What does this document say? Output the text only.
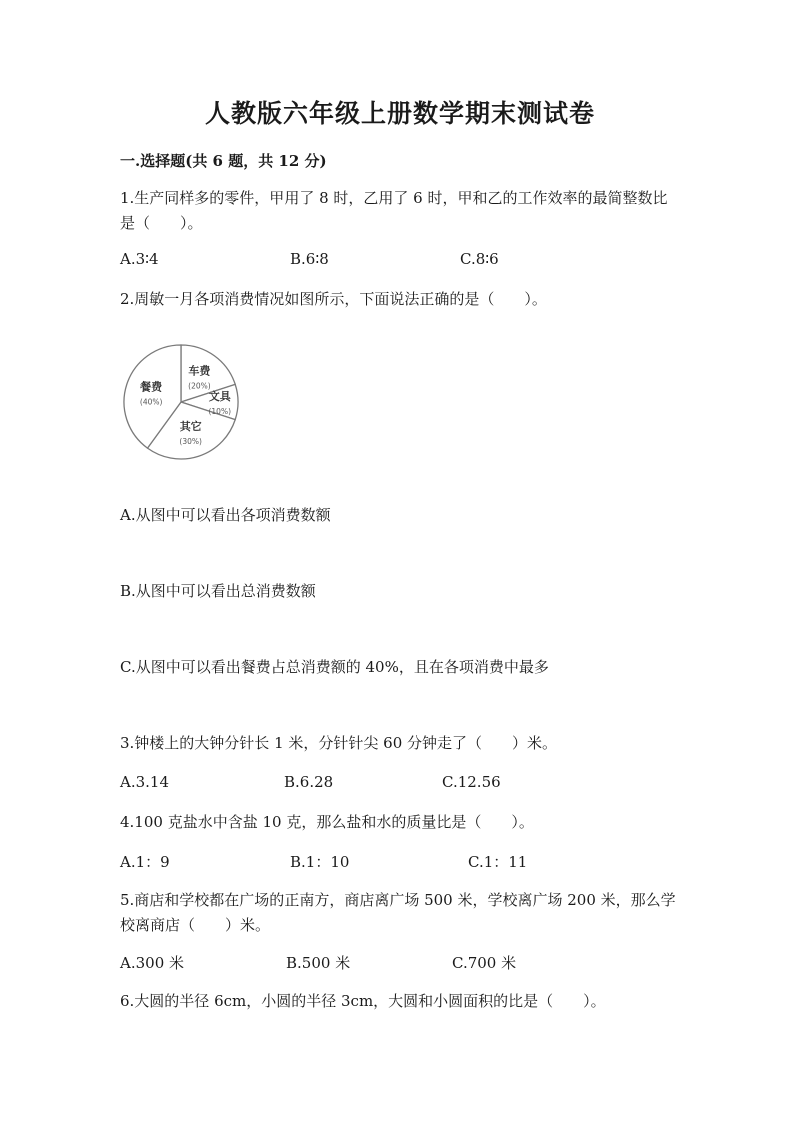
人教版六年级上册数学期末测试卷
一.选择题(共 6 题，共 12 分)
1.生产同样多的零件，甲用了 8 时，乙用了 6 时，甲和乙的工作效率的最简整数比是（　　）。
A.3∶4	B.6∶8	C.8∶6
2.周敏一月各项消费情况如图所示，下面说法正确的是（　　）。
车费
(20%)
文具
(10%)
其它
(30%)
餐费
(40%)
A.从图中可以看出各项消费数额
B.从图中可以看出总消费数额
C.从图中可以看出餐费占总消费额的 40%，且在各项消费中最多
3.钟楼上的大钟分针长 1 米，分针针尖 60 分钟走了（　　）米。
A.3.14	B.6.28	C.12.56
4.100 克盐水中含盐 10 克，那么盐和水的质量比是（　　）。
A.1：9	B.1：10	C.1：11
5.商店和学校都在广场的正南方，商店离广场 500 米，学校离广场 200 米，那么学校离商店（　　）米。
A.300 米	B.500 米	C.700 米
6.大圆的半径 6cm，小圆的半径 3cm，大圆和小圆面积的比是（　　）。
